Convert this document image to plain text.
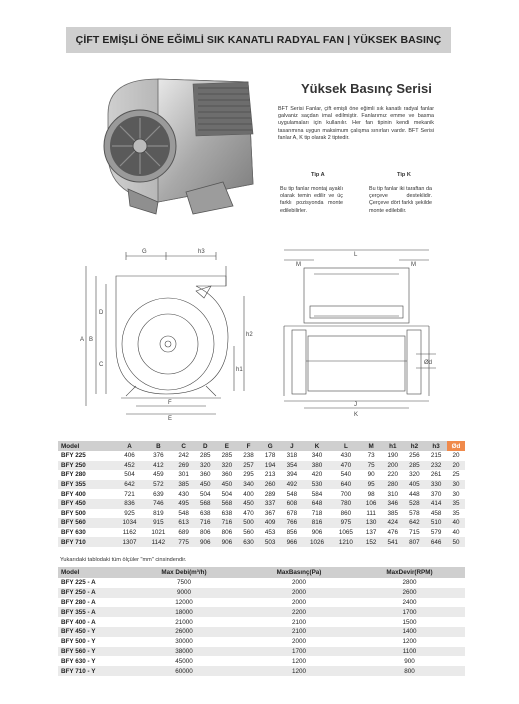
ÇİFT EMİŞLİ ÖNE EĞİMLİ SIK KANATLI RADYAL FAN | YÜKSEK BASINÇ
Yüksek Basınç Serisi
BFT Serisi Fanlar, çift emişli öne eğimli sık kanatlı radyal fanlar galvaniz saçdan imal edilmiştir. Fanlarımız emme ve basma uygulamaları için kullanılır. Her fan tipinin kendi mekanik tasarımına uygun maksimum çalışma sınırları vardır. BFT Serisi fanlar A, K tip olarak 2 tiptedir.
Tip A	Tip K
Bu tip fanlar montaj ayaklı olarak temin edilir ve üç farklı pozisyonda monte edilebilirler.
Bu tip fanlar iki taraftan da çerçeve desteklidir. Çerçeve dört farklı şekilde monte edilebilir.
G	h3
A B
D
C
h2
h1
F
E
L
M
J
K
M
Ød
Model	A	B	C	D	E	F	G	J	K	L	M	h1	h2	h3	Ød
BFY 225	406	376	242	285	285	238	178	318	340	430	73	190	256	215	20
BFY 250	452	412	269	320	320	257	194	354	380	470	75	200	285	232	20
BFY 280	504	459	301	360	360	295	213	394	420	540	90	220	320	261	25
BFY 355	642	572	385	450	450	340	260	492	530	640	95	280	405	330	30
BFY 400	721	639	430	504	504	400	289	548	584	700	98	310	448	370	30
BFY 450	836	746	495	568	568	450	337	608	648	780	106	346	528	414	35
BFY 500	925	819	548	638	638	470	367	678	718	860	111	385	578	458	35
BFY 560	1034	915	613	716	716	500	409	766	816	975	130	424	642	510	40
BFY 630	1162	1021	689	806	806	560	453	856	906	1065	137	476	715	579	40
BFY 710	1307	1142	775	906	906	630	503	966	1026	1210	152	541	807	646	50
Yukarıdaki tablodaki tüm ölçüler "mm" cinsindendir.
Model	Max Debi(m³/h)	MaxBasınç(Pa)	MaxDevir(RPM)
BFY 225 - A	7500	2000	2800
BFY 250 - A	9000	2000	2600
BFY 280 - A	12000	2000	2400
BFY 355 - A	18000	2200	1700
BFY 400 - A	21000	2100	1500
BFY 450 - Y	26000	2100	1400
BFY 500 - Y	30000	2000	1200
BFY 560 - Y	38000	1700	1100
BFY 630 - Y	45000	1200	900
BFY 710 - Y	60000	1200	800
